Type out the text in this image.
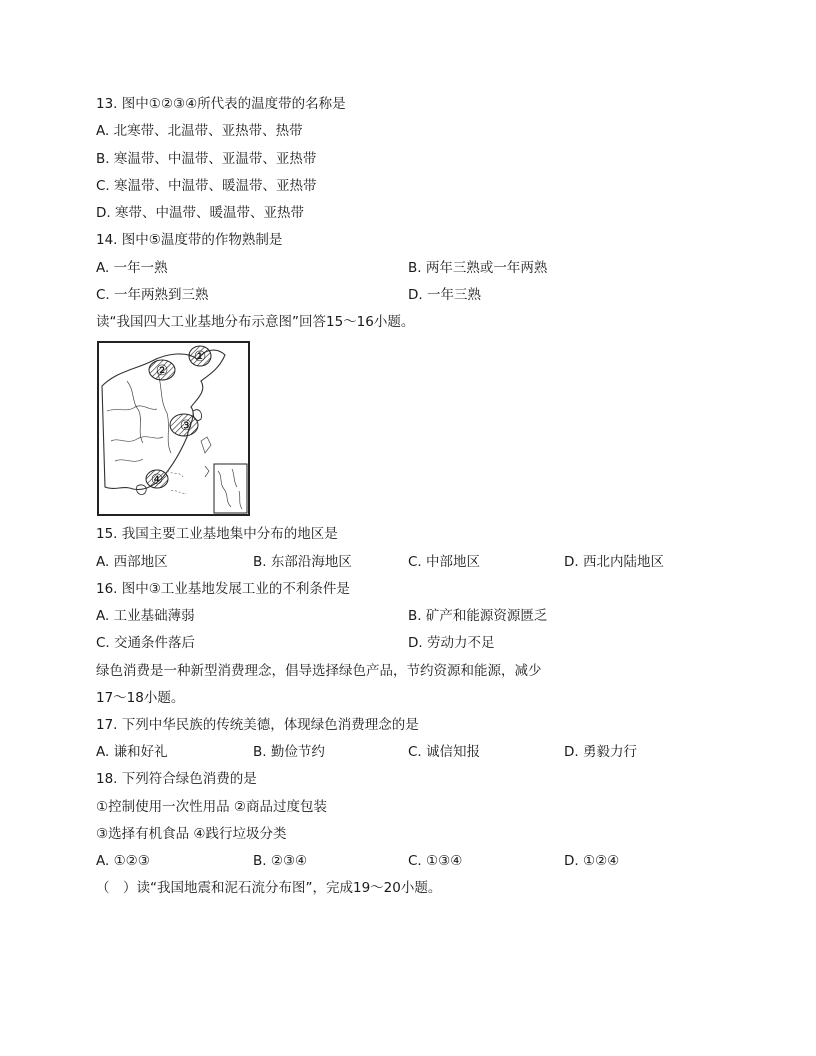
13. 图中①②③④所代表的温度带的名称是
A. 北寒带、北温带、亚热带、热带
B. 寒温带、中温带、亚温带、亚热带
C. 寒温带、中温带、暖温带、亚热带
D. 寒带、中温带、暖温带、亚热带
14. 图中⑤温度带的作物熟制是
A. 一年一熟	B. 两年三熟或一年两熟
C. 一年两熟到三熟	D. 一年三熟
读“我国四大工业基地分布示意图”回答15～16小题。
①
②
③
④
15. 我国主要工业基地集中分布的地区是
A. 西部地区	B. 东部沿海地区	C. 中部地区	D. 西北内陆地区
16. 图中③工业基地发展工业的不利条件是
A. 工业基础薄弱	B. 矿产和能源资源匮乏
C. 交通条件落后	D. 劳动力不足
绿色消费是一种新型消费理念，倡导选择绿色产品，节约资源和能源，减少
17～18小题。
17. 下列中华民族的传统美德，体现绿色消费理念的是
A. 谦和好礼	B. 勤俭节约	C. 诚信知报	D. 勇毅力行
18. 下列符合绿色消费的是
①控制使用一次性用品 ②商品过度包装
③选择有机食品 ④践行垃圾分类
A. ①②③	B. ②③④	C. ①③④	D. ①②④
（　）读“我国地震和泥石流分布图”，完成19～20小题。
